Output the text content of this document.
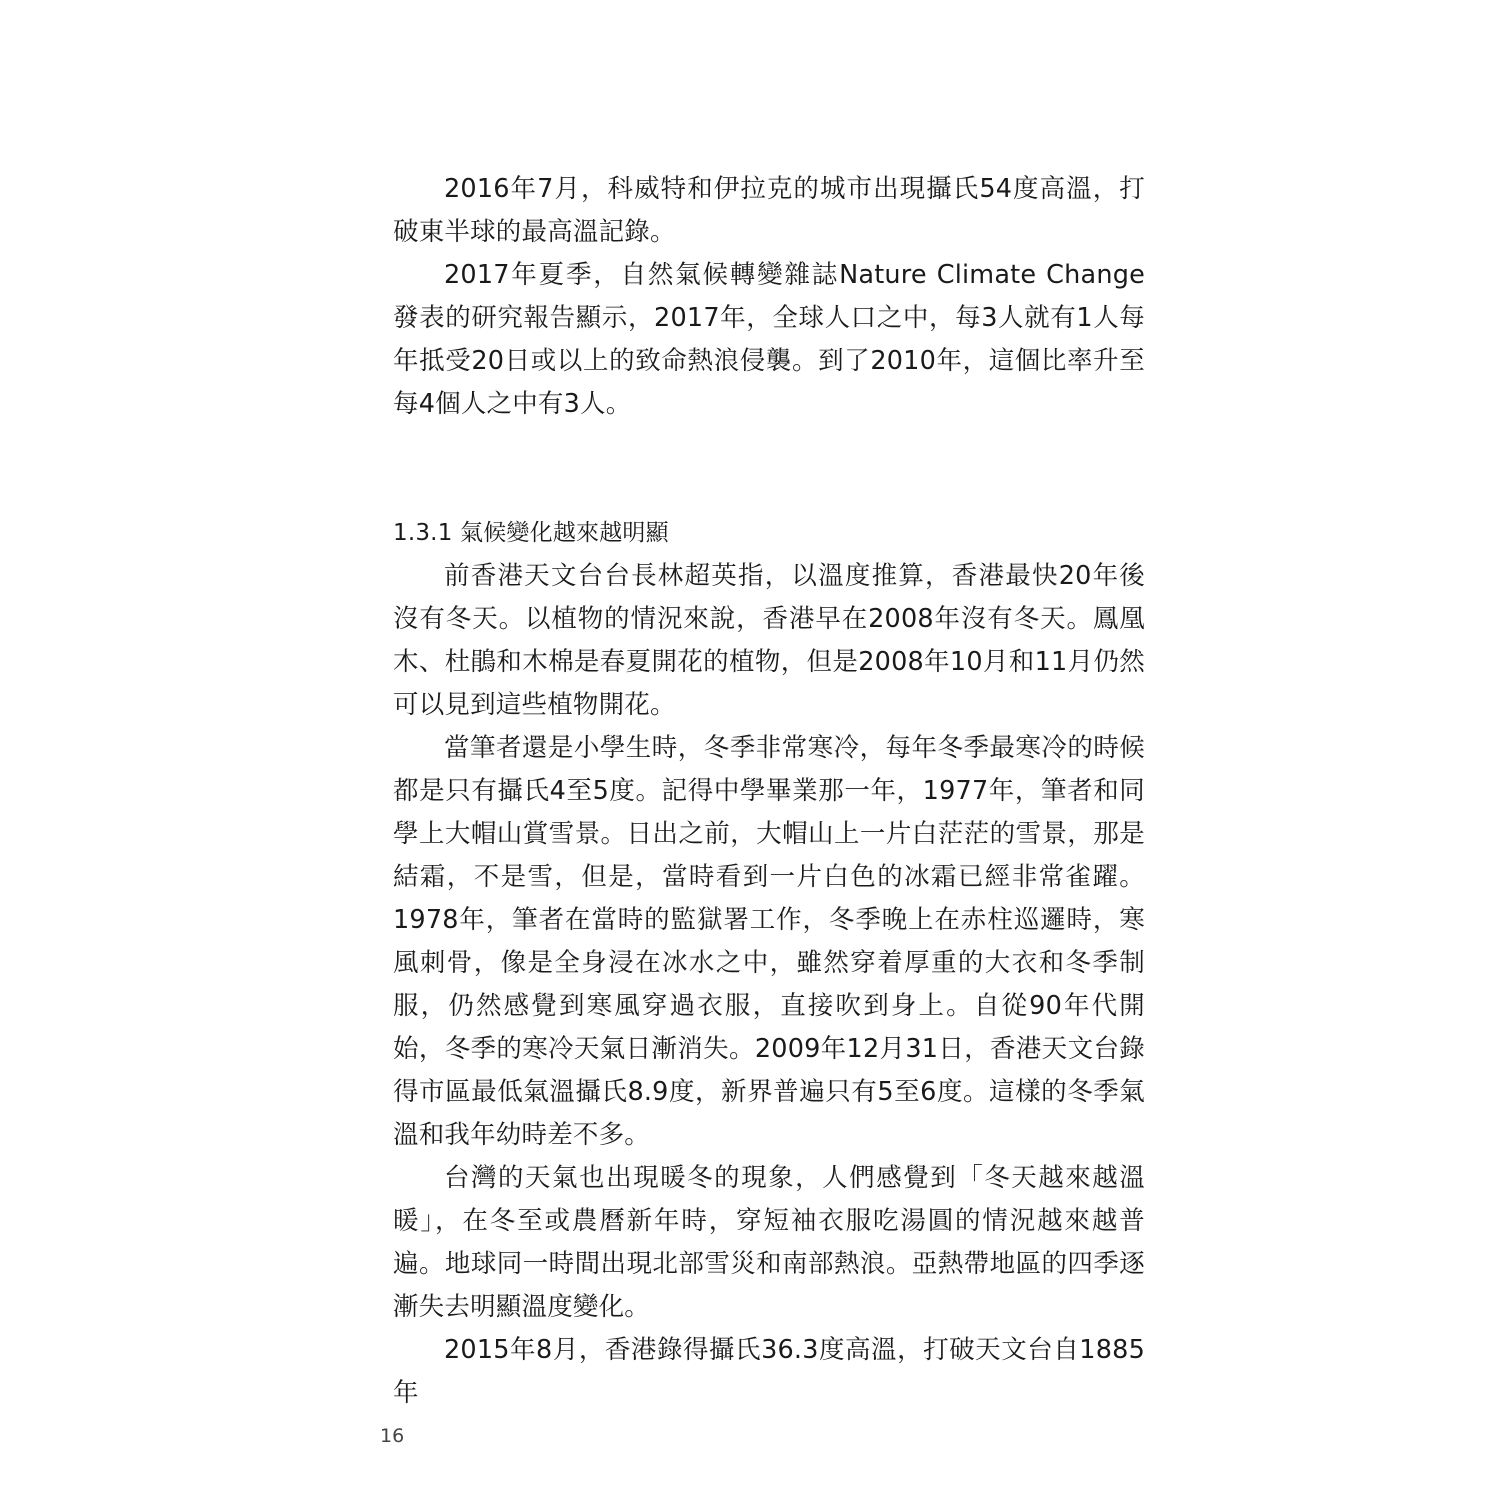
2016年7月，科威特和伊拉克的城市出現攝氏54度高溫，打破東半球的最高溫記錄。

2017年夏季，自然氣候轉變雜誌Nature Climate Change發表的研究報告顯示，2017年，全球人口之中，每3人就有1人每年抵受20日或以上的致命熱浪侵襲。到了2010年，這個比率升至每4個人之中有3人。

1.3.1 氣候變化越來越明顯

前香港天文台台長林超英指，以溫度推算，香港最快20年後沒有冬天。以植物的情況來說，香港早在2008年沒有冬天。鳳凰木、杜鵑和木棉是春夏開花的植物，但是2008年10月和11月仍然可以見到這些植物開花。

當筆者還是小學生時，冬季非常寒冷，每年冬季最寒冷的時候都是只有攝氏4至5度。記得中學畢業那一年，1977年，筆者和同學上大帽山賞雪景。日出之前，大帽山上一片白茫茫的雪景，那是結霜，不是雪，但是，當時看到一片白色的冰霜已經非常雀躍。1978年，筆者在當時的監獄署工作，冬季晚上在赤柱巡邏時，寒風刺骨，像是全身浸在冰水之中，雖然穿着厚重的大衣和冬季制服，仍然感覺到寒風穿過衣服，直接吹到身上。自從90年代開始，冬季的寒冷天氣日漸消失。2009年12月31日，香港天文台錄得市區最低氣溫攝氏8.9度，新界普遍只有5至6度。這樣的冬季氣溫和我年幼時差不多。

台灣的天氣也出現暖冬的現象，人們感覺到「冬天越來越溫暖」，在冬至或農曆新年時，穿短袖衣服吃湯圓的情況越來越普遍。地球同一時間出現北部雪災和南部熱浪。亞熱帶地區的四季逐漸失去明顯溫度變化。

2015年8月，香港錄得攝氏36.3度高溫，打破天文台自1885年

16
